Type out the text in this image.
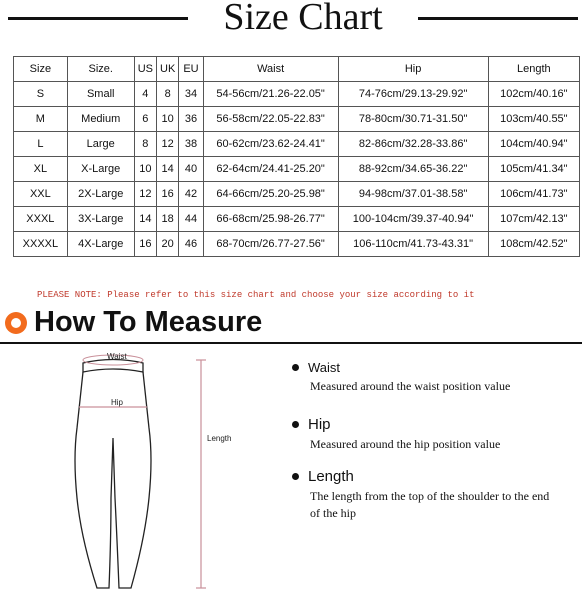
Size Chart
Size	Size.	US	UK	EU	Waist	Hip	Length
S	Small	4	8	34	54-56cm/21.26-22.05"	74-76cm/29.13-29.92"	102cm/40.16"
M	Medium	6	10	36	56-58cm/22.05-22.83"	78-80cm/30.71-31.50"	103cm/40.55"
L	Large	8	12	38	60-62cm/23.62-24.41"	82-86cm/32.28-33.86"	104cm/40.94"
XL	X-Large	10	14	40	62-64cm/24.41-25.20"	88-92cm/34.65-36.22"	105cm/41.34"
XXL	2X-Large	12	16	42	64-66cm/25.20-25.98"	94-98cm/37.01-38.58"	106cm/41.73"
XXXL	3X-Large	14	18	44	66-68cm/25.98-26.77"	100-104cm/39.37-40.94"	107cm/42.13"
XXXXL	4X-Large	16	20	46	68-70cm/26.77-27.56"	106-110cm/41.73-43.31"	108cm/42.52"
PLEASE NOTE: Please refer to this size chart and choose your size according to it
How To Measure
Waist
Hip
Length
Waist
Measured around the waist position value
Hip
Measured around the hip position value
Length
The length from the top of the shoulder to the end of the hip
